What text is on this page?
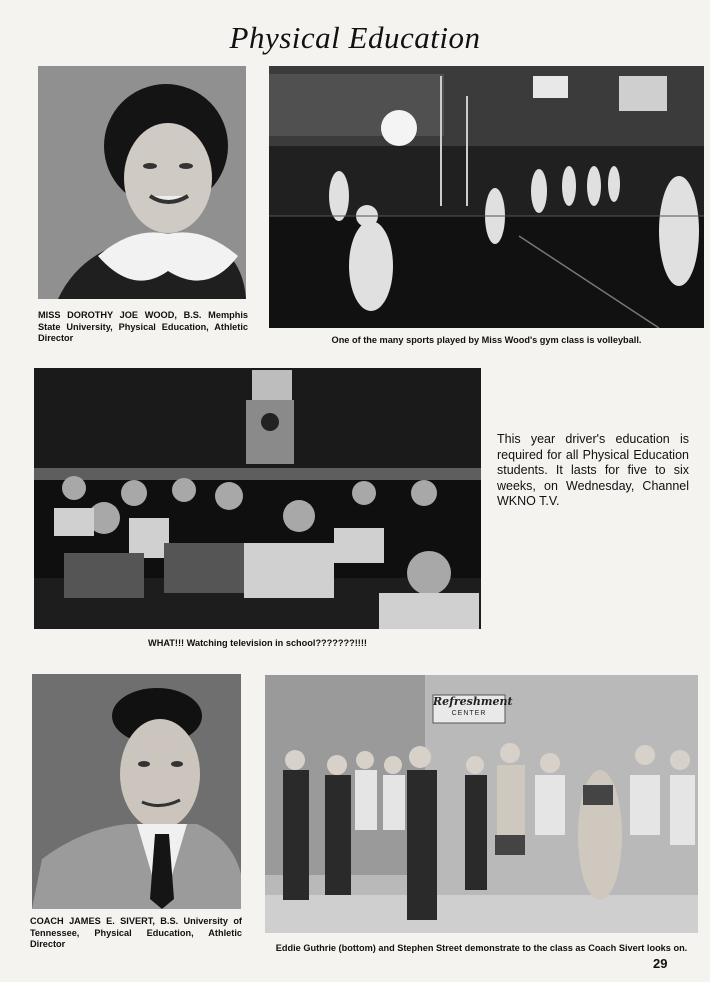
Physical Education
MISS DOROTHY JOE WOOD, B.S. Memphis State University, Physical Education, Athletic Director	One of the many sports played by Miss Wood's gym class is volleyball.
WHAT!!! Watching television in school???????!!!!
This year driver's education is required for all Physical Education students. It lasts for five to six weeks, on Wednesday, Channel WKNO T.V.
COACH JAMES E. SIVERT, B.S. University of Tennessee, Physical Education, Athletic Director
Refreshment
CENTER
Eddie Guthrie (bottom) and Stephen Street demonstrate to the class as Coach Sivert looks on.
29
